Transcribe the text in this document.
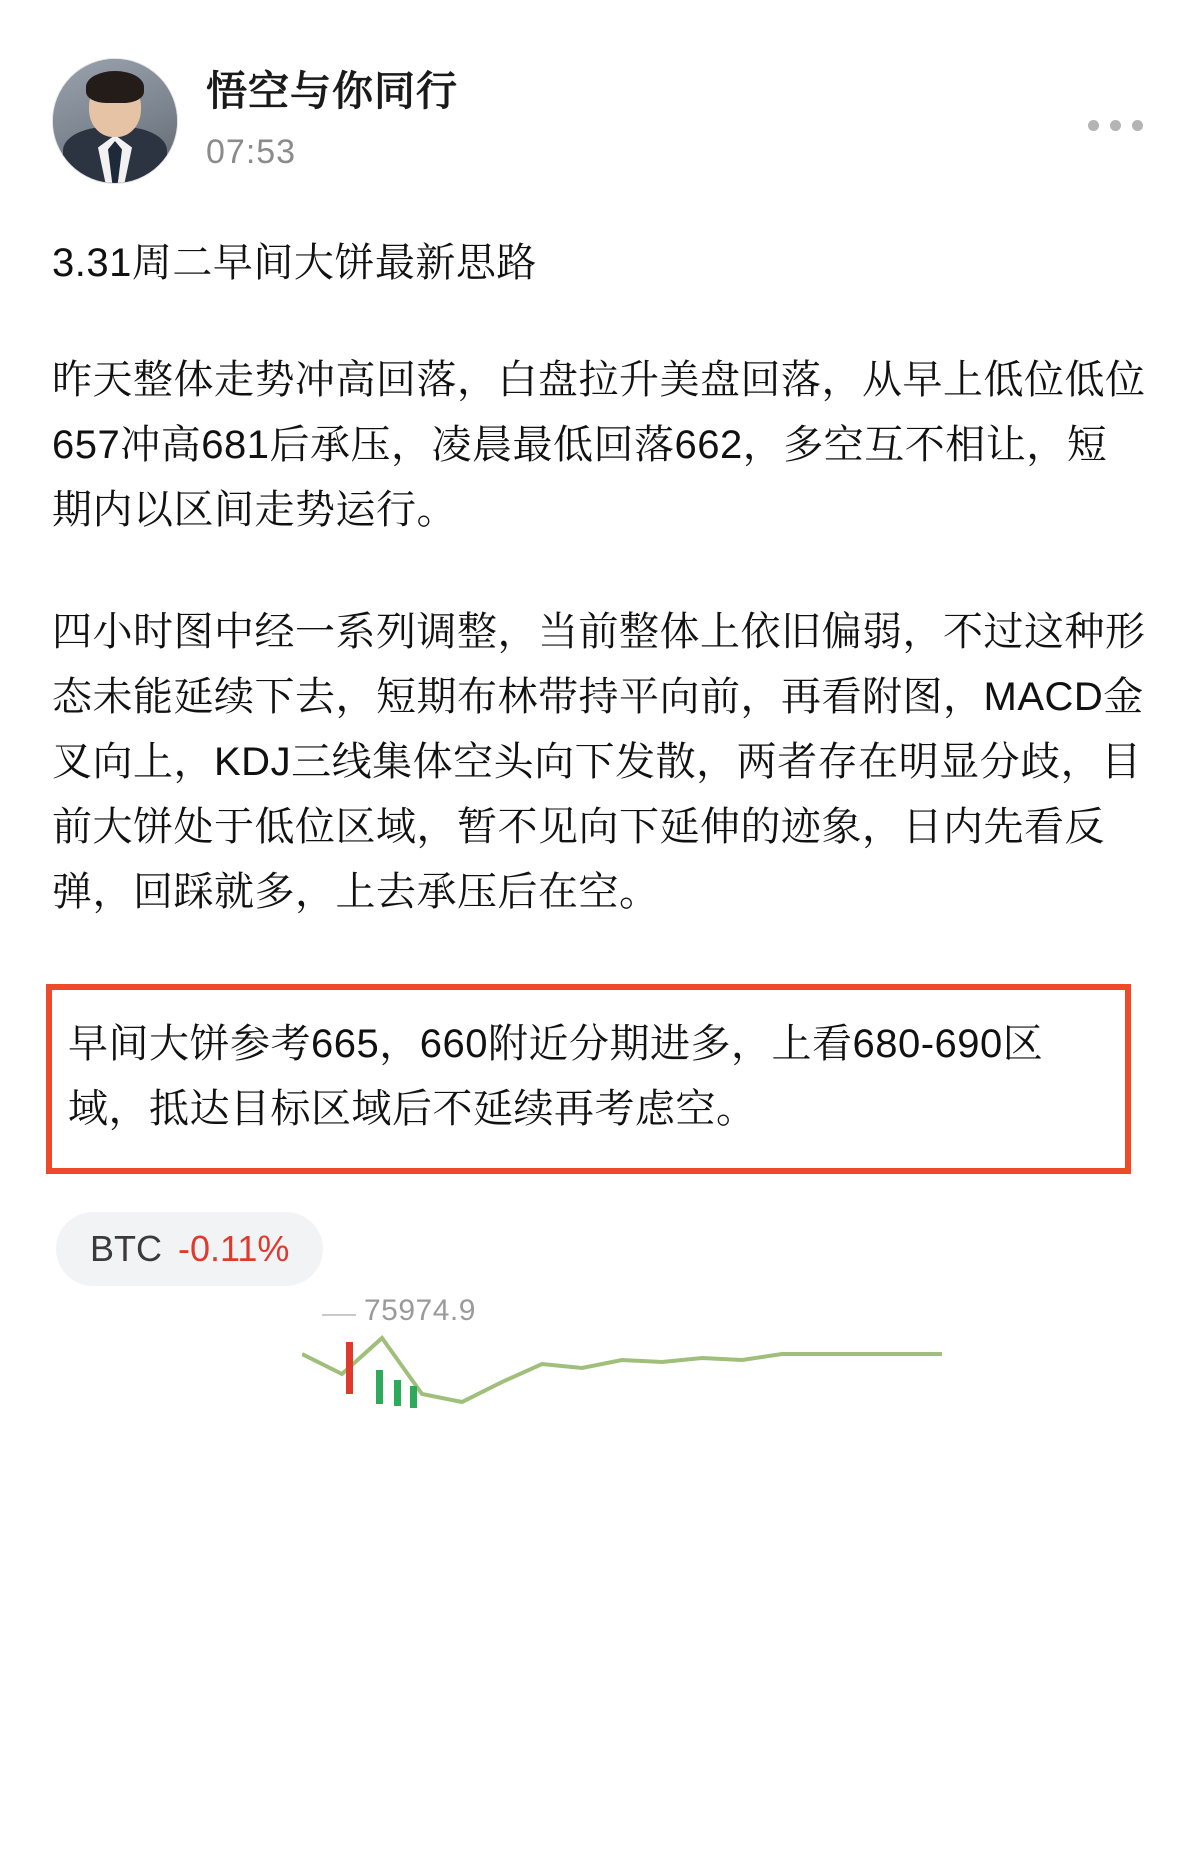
悟空与你同行
07:53
3.31周二早间大饼最新思路
昨天整体走势冲高回落，白盘拉升美盘回落，从早上低位低位657冲高681后承压，凌晨最低回落662，多空互不相让，短期内以区间走势运行。
四小时图中经一系列调整，当前整体上依旧偏弱，不过这种形态未能延续下去，短期布林带持平向前，再看附图，MACD金叉向上，KDJ三线集体空头向下发散，两者存在明显分歧，目前大饼处于低位区域，暂不见向下延伸的迹象，日内先看反弹，回踩就多，上去承压后在空。
早间大饼参考665，660附近分期进多，上看680-690区域，抵达目标区域后不延续再考虑空。
BTC -0.11%
75974.9
